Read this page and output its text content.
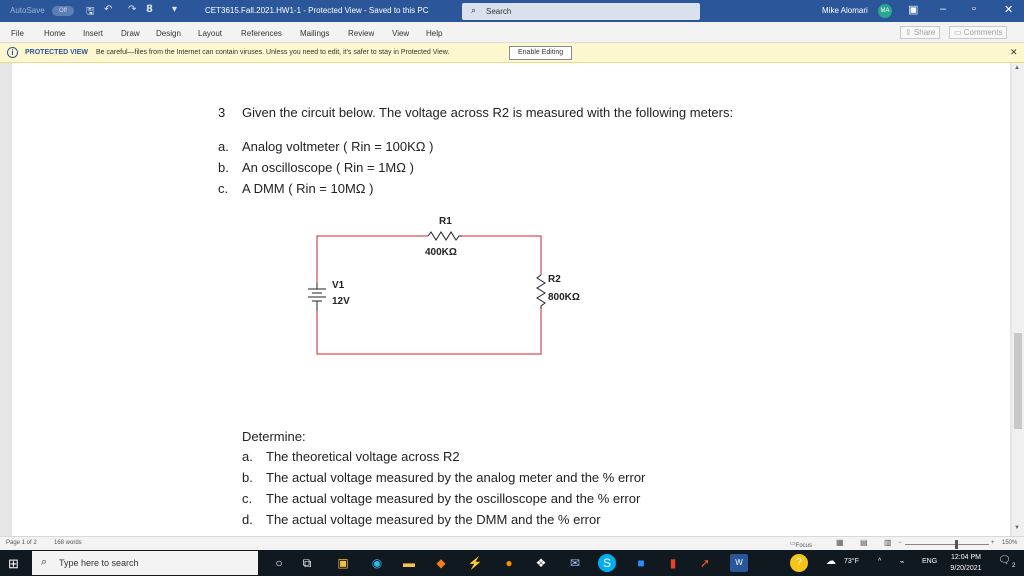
AutoSave	Off	🖫 ↶ ↷ 𝟴 ▾	CET3615.Fall.2021.HW1-1 - Protected View - Saved to this PC	⌕ Search	Mike Alomari	MA ▣ – ▫	✕
File	Home Insert Draw Design Layout References Mailings Review View Help	⇪ Share	▭ Comments
i	PROTECTED VIEW Be careful—files from the Internet can contain viruses. Unless you need to edit, it's safer to stay in Protected View.	Enable Editing	✕
3 Given the circuit below. The voltage across R2 is measured with the following meters:
a. Analog voltmeter ( Rin = 100KΩ )
b. An oscilloscope ( Rin = 1MΩ )
c. A DMM ( Rin = 10MΩ )
R1
400KΩ
R2
800KΩ
V1
12V
Determine:
a. The theoretical voltage across R2
b. The actual voltage measured by the analog meter and the % error
c. The actual voltage measured by the oscilloscope and the % error
d. The actual voltage measured by the DMM and the % error
▲
▼
Page 1 of 2	168 words	▭ Focus	▦ ▤ ▥ −	+ 150%
⊞ ⌕ Type here to search	○	⧉	▣	◉	▬	◆	⚡	●	❖	✉	S	■	▮	➚	W	?	☁ 73°F	^	⌁	ENG
12:04 PM
9/20/2021
🗨 2
